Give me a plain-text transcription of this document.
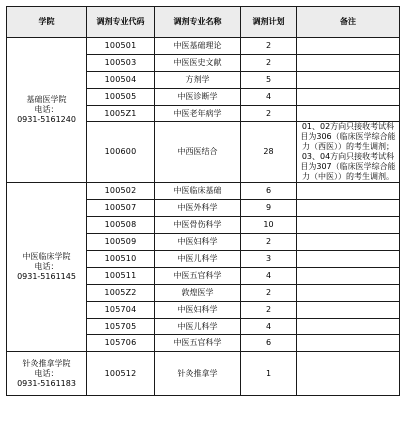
学院	调剂专业代码	调剂专业名称	调剂计划	备注
基础医学院
电话：
0931-5161240	100501	中医基础理论	2	
	100503	中医医史文献	2	
	100504	方剂学	5	
	100505	中医诊断学	4	
	1005Z1	中医老年病学	2	
	100600	中西医结合	28	01、02方向只接收考试科目为306（临床医学综合能力（西医））的考生调剂；03、04方向只接收考试科目为307（临床医学综合能力（中医））的考生调剂。
中医临床学院
电话：
0931-5161145	100502	中医临床基础	6	
	100507	中医外科学	9	
	100508	中医骨伤科学	10	
	100509	中医妇科学	2	
	100510	中医儿科学	3	
	100511	中医五官科学	4	
	1005Z2	敦煌医学	2	
	105704	中医妇科学	2	
	105705	中医儿科学	4	
	105706	中医五官科学	6	
针灸推拿学院
电话：
0931-5161183	100512	针灸推拿学	1	
